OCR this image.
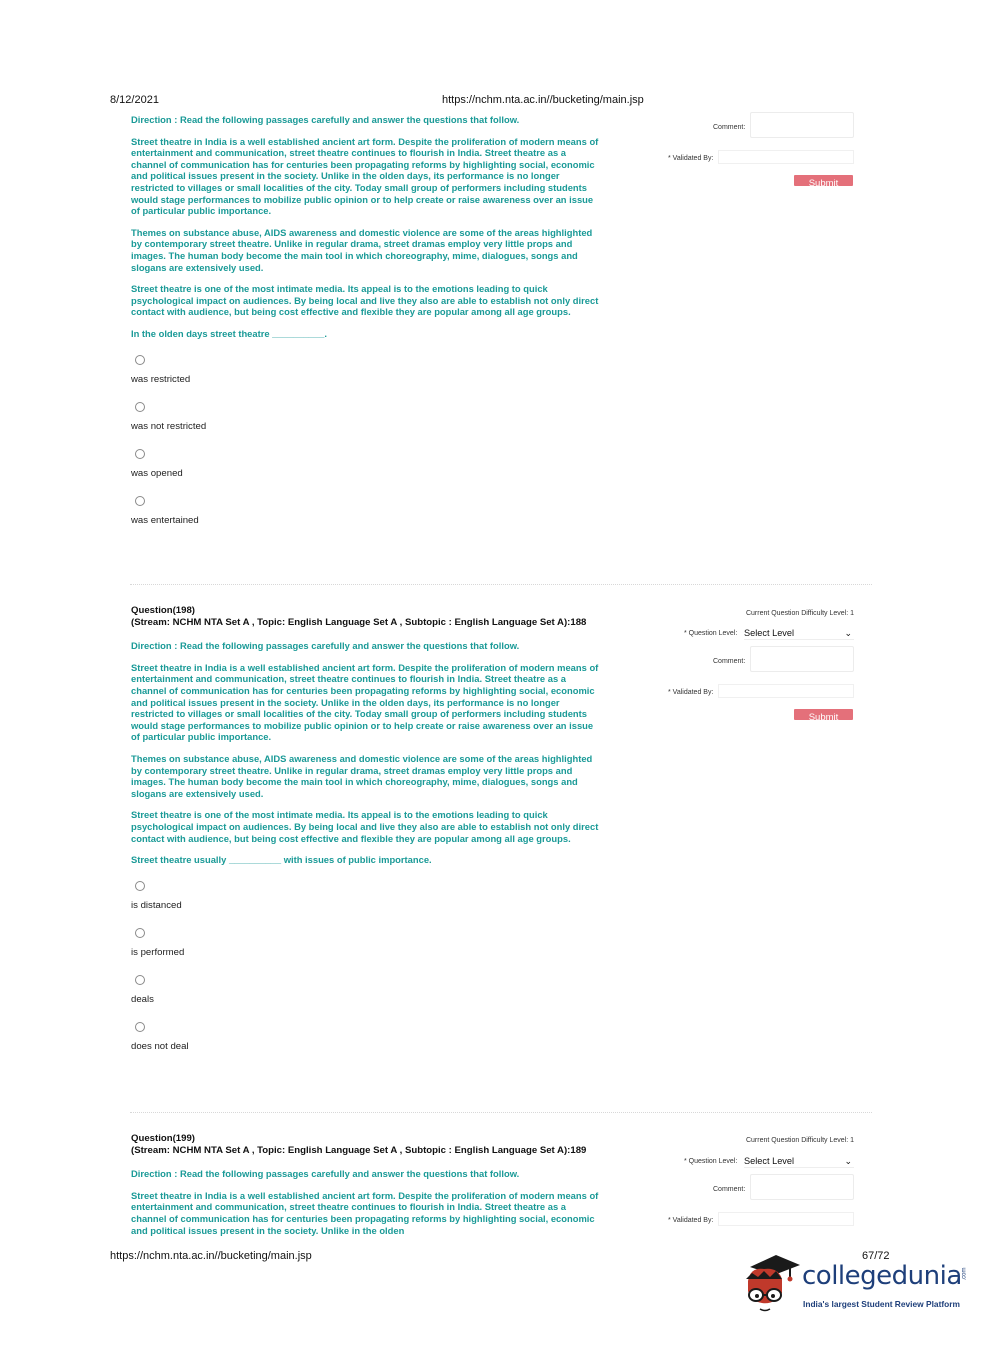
8/12/2021	https://nchm.nta.ac.in//bucketing/main.jsp
Direction : Read the following passages carefully and answer the questions that follow.
Street theatre in India is a well established ancient art form. Despite the proliferation of modern means of entertainment and communication, street theatre continues to flourish in India. Street theatre as a channel of communication has for centuries been propagating reforms by highlighting social, economic and political issues present in the society. Unlike in the olden days, its performance is no longer restricted to villages or small localities of the city. Today small group of performers including students would stage performances to mobilize public opinion or to help create or raise awareness over an issue of particular public importance.
Themes on substance abuse, AIDS awareness and domestic violence are some of the areas highlighted by contemporary street theatre. Unlike in regular drama, street dramas employ very little props and images. The human body become the main tool in which choreography, mime, dialogues, songs and slogans are extensively used.
Street theatre is one of the most intimate media. Its appeal is to the emotions leading to quick psychological impact on audiences. By being local and live they also are able to establish not only direct contact with audience, but being cost effective and flexible they are popular among all age groups.
In the olden days street theatre __________.
was restricted
was not restricted
was opened
was entertained
Comment:
* Validated By:
Submit
Question(198)
(Stream: NCHM NTA Set A , Topic: English Language Set A , Subtopic : English Language Set A):188
Direction : Read the following passages carefully and answer the questions that follow.
Street theatre in India is a well established ancient art form. Despite the proliferation of modern means of entertainment and communication, street theatre continues to flourish in India. Street theatre as a channel of communication has for centuries been propagating reforms by highlighting social, economic and political issues present in the society. Unlike in the olden days, its performance is no longer restricted to villages or small localities of the city. Today small group of performers including students would stage performances to mobilize public opinion or to help create or raise awareness over an issue of particular public importance.
Themes on substance abuse, AIDS awareness and domestic violence are some of the areas highlighted by contemporary street theatre. Unlike in regular drama, street dramas employ very little props and images. The human body become the main tool in which choreography, mime, dialogues, songs and slogans are extensively used.
Street theatre is one of the most intimate media. Its appeal is to the emotions leading to quick psychological impact on audiences. By being local and live they also are able to establish not only direct contact with audience, but being cost effective and flexible they are popular among all age groups.
Street theatre usually __________ with issues of public importance.
is distanced
is performed
deals
does not deal
Current Question Difficulty Level: 1
* Question Level: Select Level	⌄
Comment:
* Validated By:
Submit
Question(199)
(Stream: NCHM NTA Set A , Topic: English Language Set A , Subtopic : English Language Set A):189
Direction : Read the following passages carefully and answer the questions that follow.
Street theatre in India is a well established ancient art form. Despite the proliferation of modern means of entertainment and communication, street theatre continues to flourish in India. Street theatre as a channel of communication has for centuries been propagating reforms by highlighting social, economic and political issues present in the society. Unlike in the olden
Current Question Difficulty Level: 1
* Question Level: Select Level	⌄
Comment:
* Validated By:
https://nchm.nta.ac.in//bucketing/main.jsp	67/72
collegedunia .com
India's largest Student Review Platform
